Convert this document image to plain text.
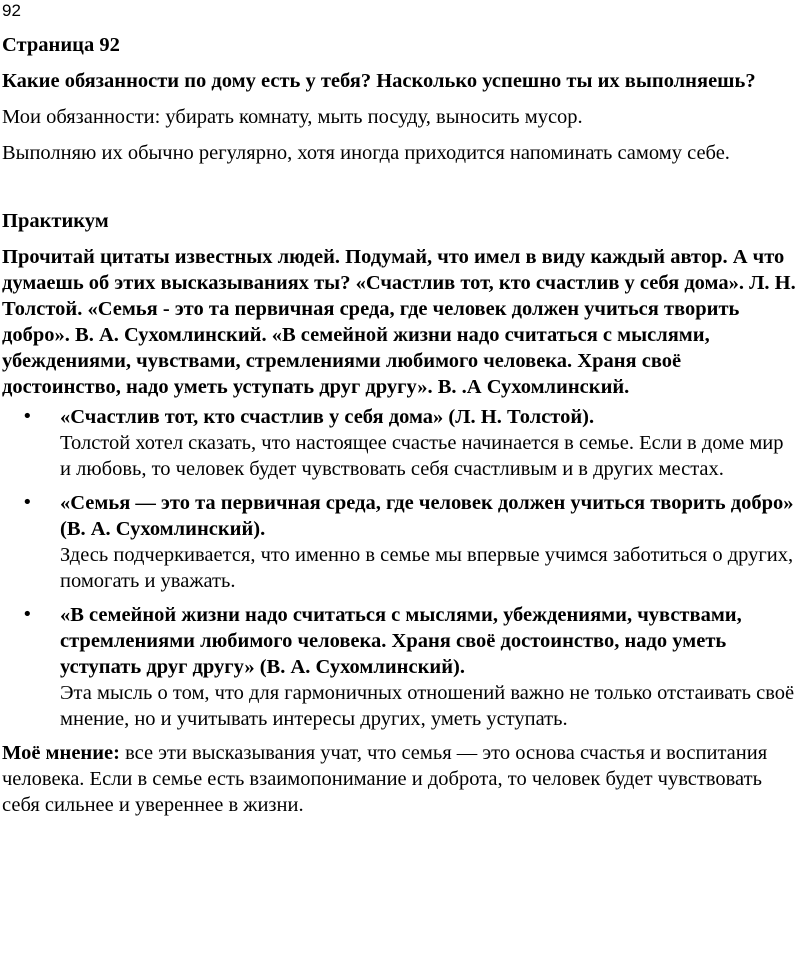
92

Страница 92

Какие обязанности по дому есть у тебя? Насколько успешно ты их выполняешь?

Мои обязанности: убирать комнату, мыть посуду, выносить мусор.

Выполняю их обычно регулярно, хотя иногда приходится напоминать самому себе.

Практикум

Прочитай цитаты известных людей. Подумай, что имел в виду каждый автор. А что думаешь об этих высказываниях ты? «Счастлив тот, кто счастлив у себя дома». Л. Н. Толстой. «Семья - это та первичная среда, где человек должен учиться творить добро». В. А. Сухомлинский. «В семейной жизни надо считаться с мыслями, убеждениями, чувствами, стремлениями любимого человека. Храня своё достоинство, надо уметь уступать друг другу». В. .А Сухомлинский.

• «Счастлив тот, кто счастлив у себя дома» (Л. Н. Толстой).
Толстой хотел сказать, что настоящее счастье начинается в семье. Если в доме мир и любовь, то человек будет чувствовать себя счастливым и в других местах.
• «Семья — это та первичная среда, где человек должен учиться творить добро» (В. А. Сухомлинский).
Здесь подчеркивается, что именно в семье мы впервые учимся заботиться о других, помогать и уважать.
• «В семейной жизни надо считаться с мыслями, убеждениями, чувствами, стремлениями любимого человека. Храня своё достоинство, надо уметь уступать друг другу» (В. А. Сухомлинский).
Эта мысль о том, что для гармоничных отношений важно не только отстаивать своё мнение, но и учитывать интересы других, уметь уступать.

Моё мнение: все эти высказывания учат, что семья — это основа счастья и воспитания человека. Если в семье есть взаимопонимание и доброта, то человек будет чувствовать себя сильнее и увереннее в жизни.
